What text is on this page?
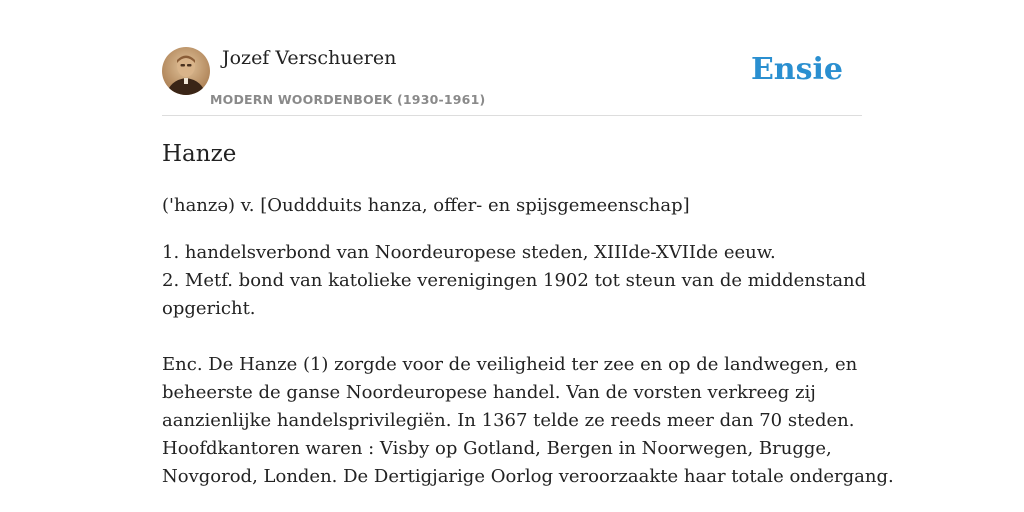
Jozef Verschueren
MODERN WOORDENBOEK (1930-1961)
Ensie
Hanze
('hanzə) v. [Ouddduits hanza, offer- en spijsgemeenschap]
1. handelsverbond van Noordeuropese steden, XIIIde-XVIIde eeuw.
2. Metf. bond van katolieke verenigingen 1902 tot steun van de middenstand
opgericht.
Enc. De Hanze (1) zorgde voor de veiligheid ter zee en op de landwegen, en
beheerste de ganse Noordeuropese handel. Van de vorsten verkreeg zij
aanzienlijke handelsprivilegiën. In 1367 telde ze reeds meer dan 70 steden.
Hoofdkantoren waren : Visby op Gotland, Bergen in Noorwegen, Brugge,
Novgorod, Londen. De Dertigjarige Oorlog veroorzaakte haar totale ondergang.
